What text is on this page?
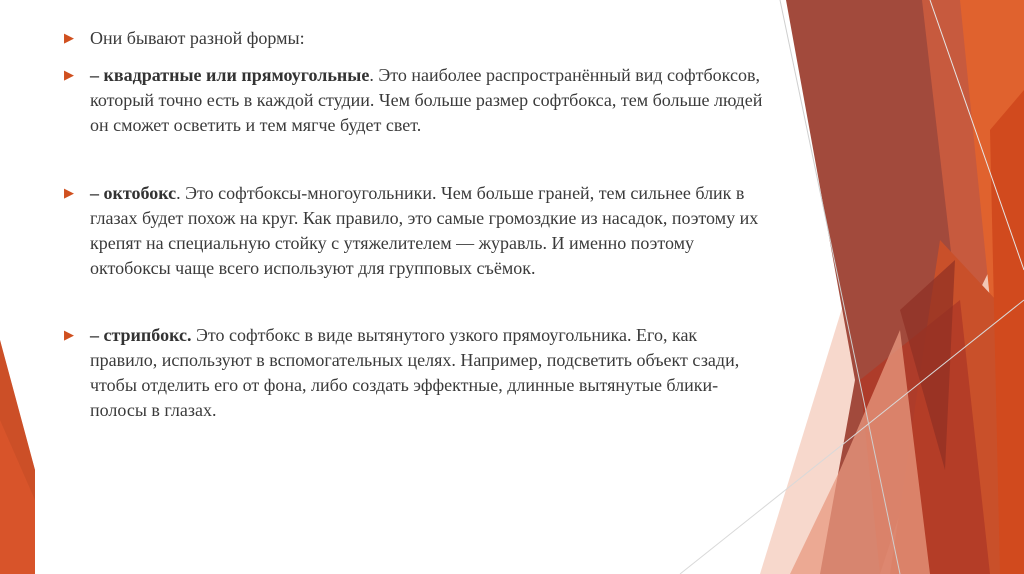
▶ Они бывают разной формы:

▶ – квадратные или прямоугольные. Это наиболее распространённый вид софтбоксов, который точно есть в каждой студии. Чем больше размер софтбокса, тем больше людей он сможет осветить и тем мягче будет свет.

▶ – октобокс. Это софтбоксы-многоугольники. Чем больше граней, тем сильнее блик в глазах будет похож на круг. Как правило, это самые громоздкие из насадок, поэтому их крепят на специальную стойку с утяжелителем — журавль. И именно поэтому октобоксы чаще всего используют для групповых съёмок.

▶ – стрипбокс. Это софтбокс в виде вытянутого узкого прямоугольника. Его, как правило, используют в вспомогательных целях. Например, подсветить объект сзади, чтобы отделить его от фона, либо создать эффектные, длинные вытянутые блики-полосы в глазах.
